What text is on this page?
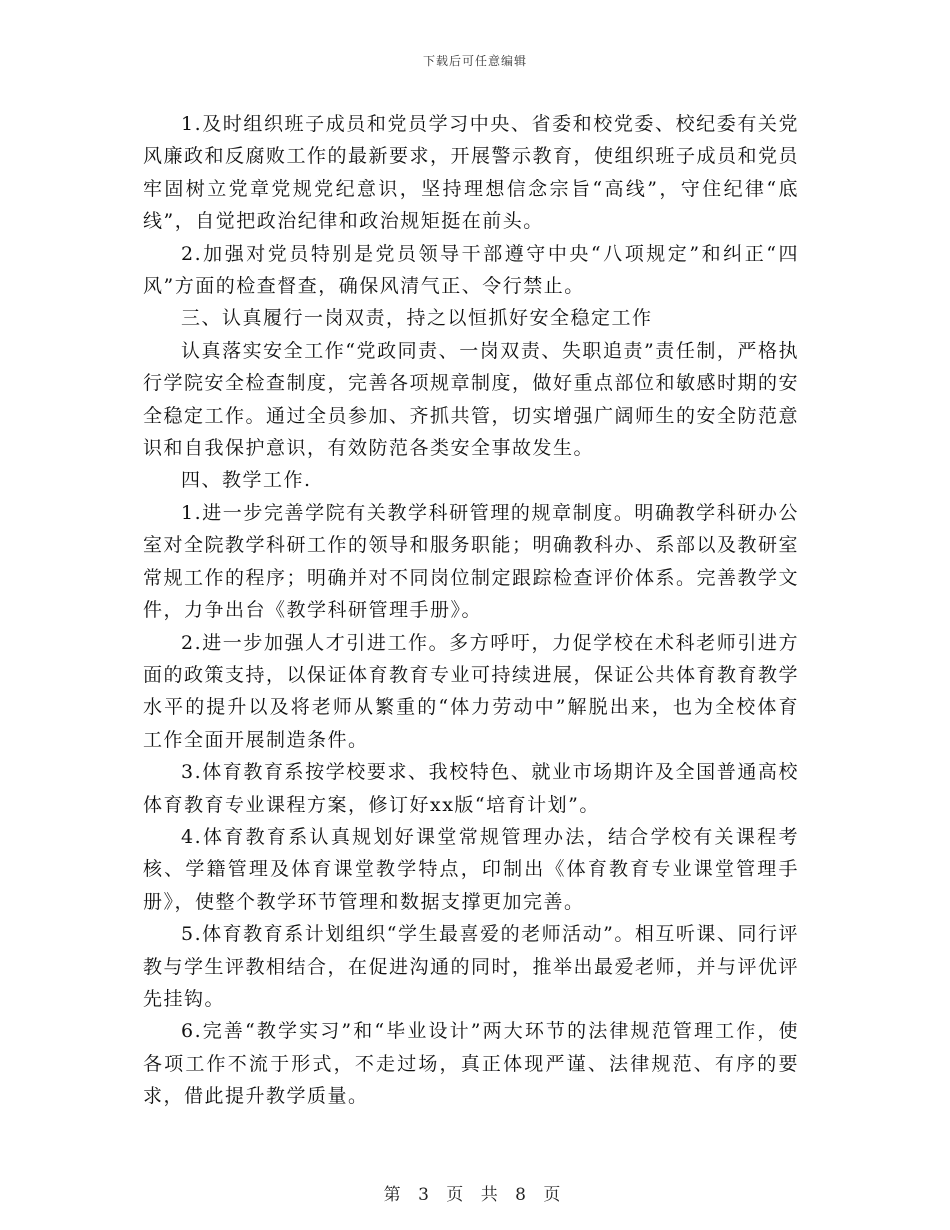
下载后可任意编辑

1.及时组织班子成员和党员学习中央、省委和校党委、校纪委有关党风廉政和反腐败工作的最新要求，开展警示教育，使组织班子成员和党员牢固树立党章党规党纪意识，坚持理想信念宗旨“高线”，守住纪律“底线”，自觉把政治纪律和政治规矩挺在前头。

2.加强对党员特别是党员领导干部遵守中央“八项规定”和纠正“四风”方面的检查督查，确保风清气正、令行禁止。

三、认真履行一岗双责，持之以恒抓好安全稳定工作

认真落实安全工作“党政同责、一岗双责、失职追责”责任制，严格执行学院安全检查制度，完善各项规章制度，做好重点部位和敏感时期的安全稳定工作。通过全员参加、齐抓共管，切实增强广阔师生的安全防范意识和自我保护意识，有效防范各类安全事故发生。

四、教学工作.

1.进一步完善学院有关教学科研管理的规章制度。明确教学科研办公室对全院教学科研工作的领导和服务职能；明确教科办、系部以及教研室常规工作的程序；明确并对不同岗位制定跟踪检查评价体系。完善教学文件，力争出台《教学科研管理手册》。

2.进一步加强人才引进工作。多方呼吁，力促学校在术科老师引进方面的政策支持，以保证体育教育专业可持续进展，保证公共体育教育教学水平的提升以及将老师从繁重的“体力劳动中”解脱出来，也为全校体育工作全面开展制造条件。

3.体育教育系按学校要求、我校特色、就业市场期许及全国普通高校体育教育专业课程方案，修订好xx版“培育计划”。

4.体育教育系认真规划好课堂常规管理办法，结合学校有关课程考核、学籍管理及体育课堂教学特点，印制出《体育教育专业课堂管理手册》，使整个教学环节管理和数据支撑更加完善。

5.体育教育系计划组织“学生最喜爱的老师活动”。相互听课、同行评教与学生评教相结合，在促进沟通的同时，推举出最爱老师，并与评优评先挂钩。

6.完善“教学实习”和“毕业设计”两大环节的法律规范管理工作，使各项工作不流于形式，不走过场，真正体现严谨、法律规范、有序的要求，借此提升教学质量。

第 3 页 共 8 页
